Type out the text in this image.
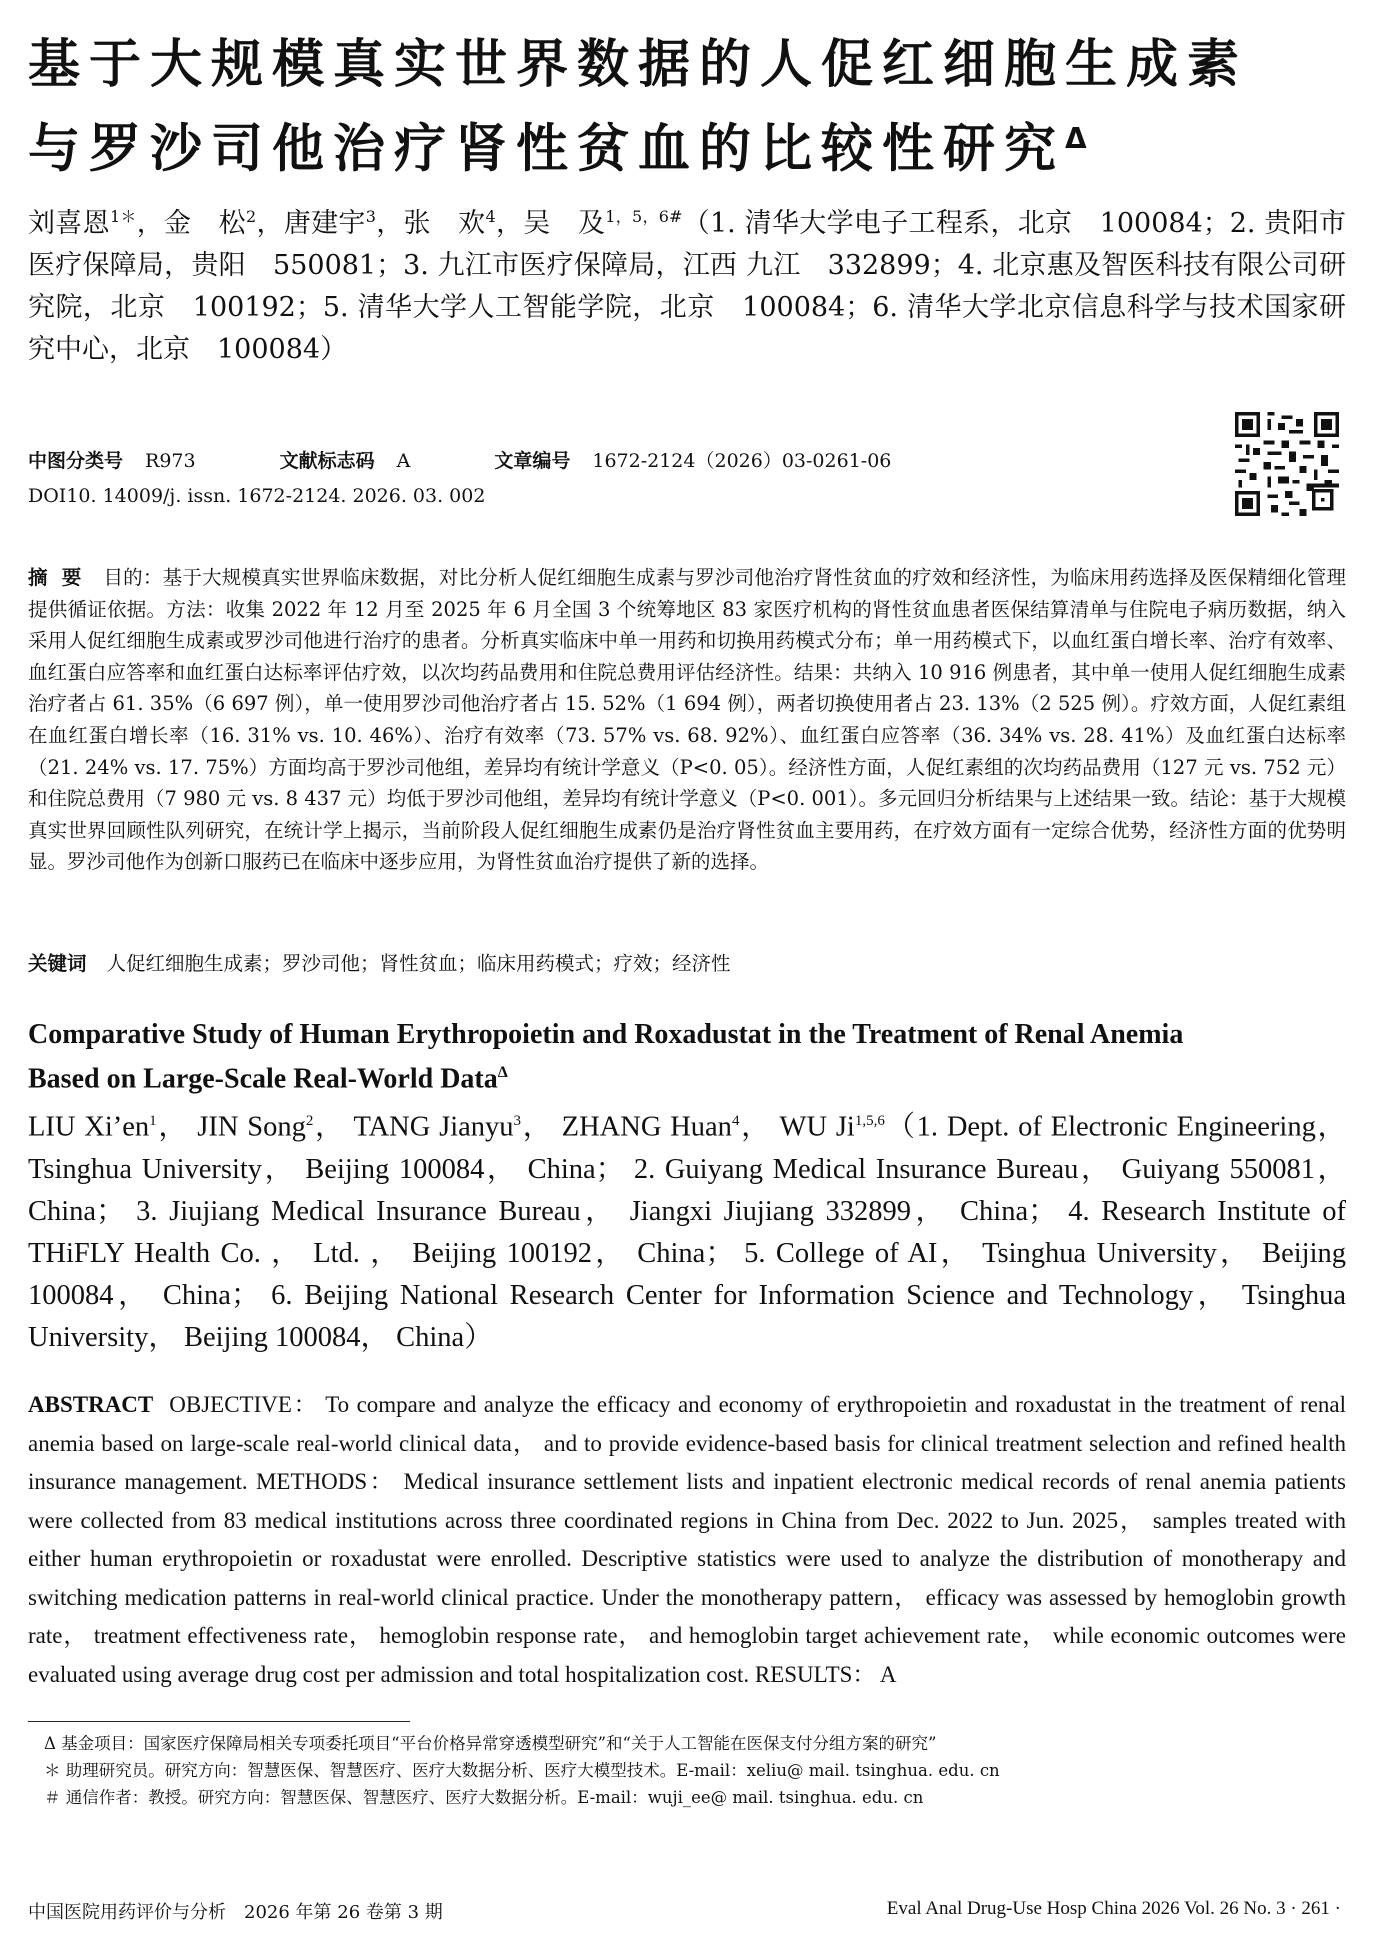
基于大规模真实世界数据的人促红细胞生成素
与罗沙司他治疗肾性贫血的比较性研究$^\Delta$
刘喜恩$^{1*}$，金　松$^2$，唐建宇$^3$，张　欢$^4$，吴　及$^{1,5,6\#}$（1. 清华大学电子工程系，北京　100084；2. 贵阳市医疗保障局，贵阳　550081；3. 九江市医疗保障局，江西 九江　332899；4. 北京惠及智医科技有限公司研究院，北京　100192；5. 清华大学人工智能学院，北京　100084；6. 清华大学北京信息科学与技术国家研究中心，北京　100084）
中图分类号 R973	文献标志码 A	文章编号 1672-2124（2026）03-0261-06
DOI10. 14009/j. issn. 1672-2124. 2026. 03. 002
摘要 目的：基于大规模真实世界临床数据，对比分析人促红细胞生成素与罗沙司他治疗肾性贫血的疗效和经济性，为临床用药选择及医保精细化管理提供循证依据。方法：收集 2022 年 12 月至 2025 年 6 月全国 3 个统筹地区 83 家医疗机构的肾性贫血患者医保结算清单与住院电子病历数据，纳入采用人促红细胞生成素或罗沙司他进行治疗的患者。分析真实临床中单一用药和切换用药模式分布；单一用药模式下，以血红蛋白增长率、治疗有效率、血红蛋白应答率和血红蛋白达标率评估疗效，以次均药品费用和住院总费用评估经济性。结果：共纳入 10 916 例患者，其中单一使用人促红细胞生成素治疗者占 61. 35%（6 697 例），单一使用罗沙司他治疗者占 15. 52%（1 694 例），两者切换使用者占 23. 13%（2 525 例）。疗效方面，人促红素组在血红蛋白增长率（16. 31% vs. 10. 46%）、治疗有效率（73. 57% vs. 68. 92%）、血红蛋白应答率（36. 34% vs. 28. 41%）及血红蛋白达标率（21. 24% vs. 17. 75%）方面均高于罗沙司他组，差异均有统计学意义（P<0. 05）。经济性方面，人促红素组的次均药品费用（127 元 vs. 752 元）和住院总费用（7 980 元 vs. 8 437 元）均低于罗沙司他组，差异均有统计学意义（P<0. 001）。多元回归分析结果与上述结果一致。结论：基于大规模真实世界回顾性队列研究，在统计学上揭示，当前阶段人促红细胞生成素仍是治疗肾性贫血主要用药，在疗效方面有一定综合优势，经济性方面的优势明显。罗沙司他作为创新口服药已在临床中逐步应用，为肾性贫血治疗提供了新的选择。
关键词 人促红细胞生成素；罗沙司他；肾性贫血；临床用药模式；疗效；经济性
Comparative Study of Human Erythropoietin and Roxadustat in the Treatment of Renal Anemia
Based on Large-Scale Real-World Data$^\Delta$
LIU $Xi’en^1$， JIN Song$^2$， TANG Jianyu$^3$， ZHANG Huan$^4$， WU Ji$^{1,5,6}$（1. Dept. of Electronic Engineering， Tsinghua University， Beijing 100084， China； 2. Guiyang Medical Insurance Bureau， Guiyang 550081， China； 3. Jiujiang Medical Insurance Bureau， Jiangxi Jiujiang 332899， China； 4. Research Institute of THiFLY Health Co. ， Ltd. ， Beijing 100192， China； 5. College of AI， Tsinghua University， Beijing 100084， China； 6. Beijing National Research Center for Information Science and Technology， Tsinghua University， Beijing 100084， China）
ABSTRACT OBJECTIVE： To compare and analyze the efficacy and economy of erythropoietin and roxadustat in the treatment of renal anemia based on large-scale real-world clinical data， and to provide evidence-based basis for clinical treatment selection and refined health insurance management. METHODS： Medical insurance settlement lists and inpatient electronic medical records of renal anemia patients were collected from 83 medical institutions across three coordinated regions in China from Dec. 2022 to Jun. 2025， samples treated with either human erythropoietin or roxadustat were enrolled. Descriptive statistics were used to analyze the distribution of monotherapy and switching medication patterns in real-world clinical practice. Under the monotherapy pattern， efficacy was assessed by hemoglobin growth rate， treatment effectiveness rate， hemoglobin response rate， and hemoglobin target achievement rate， while economic outcomes were evaluated using average drug cost per admission and total hospitalization cost. RESULTS： A
Δ 基金项目：国家医疗保障局相关专项委托项目“平台价格异常穿透模型研究”和“关于人工智能在医保支付分组方案的研究”
＊ 助理研究员。研究方向：智慧医保、智慧医疗、医疗大数据分析、医疗大模型技术。E-mail：xeliu@ mail. tsinghua. edu. cn
＃ 通信作者：教授。研究方向：智慧医保、智慧医疗、医疗大数据分析。E-mail：wuji_ee@ mail. tsinghua. edu. cn
中国医院用药评价与分析　2026 年第 26 卷第 3 期	Eval Anal Drug-Use Hosp China 2026 Vol. 26 No. 3 · 261 ·
